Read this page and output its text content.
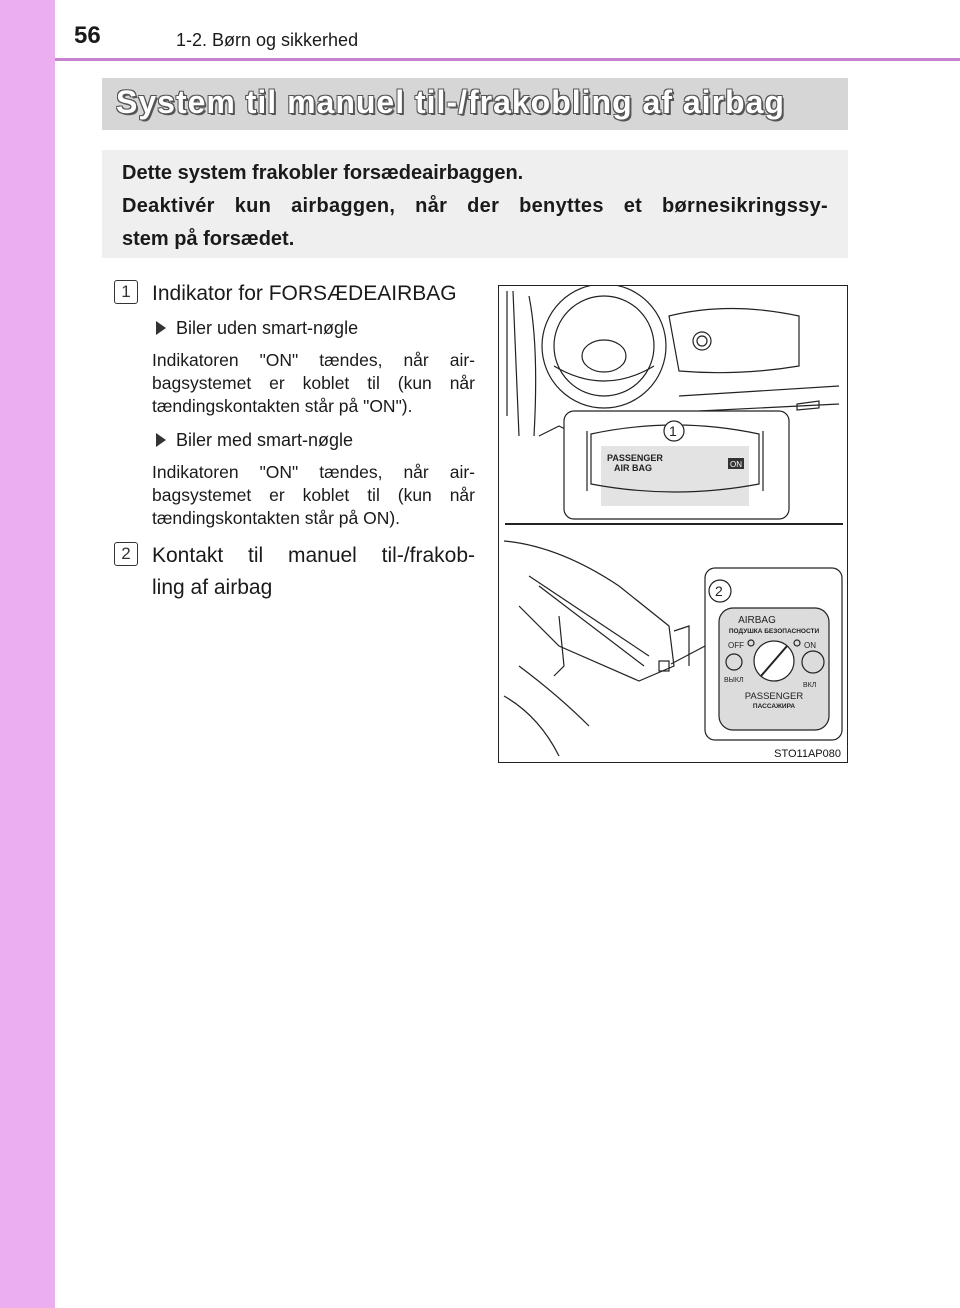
56	1-2. Børn og sikkerhed
System til manuel til-/frakobling af airbag

Dette system frakobler forsædeairbaggen.

Deaktivér kun airbaggen, når der benyttes et børnesikringssy-

stem på forsædet.

1	Indikator for FORSÆDEAIRBAG
Biler uden smart-nøgle
Indikatoren "ON" tændes, når air-bagsystemet er koblet til (kun når tændingskontakten står på "ON").
Biler med smart-nøgle
Indikatoren "ON" tændes, når air-bagsystemet er koblet til (kun når tændingskontakten står på ON).
2	Kontakt til manuel til-/frakob-
ling af airbag
1
2
PASSENGER
AIR BAG	ON
AIRBAG
ПОДУШКА БЕЗОПАСНОСТИ
OFF	ON
ВЫКЛ
ВКЛ
PASSENGER
ПАССАЖИРА
STO11AP080
